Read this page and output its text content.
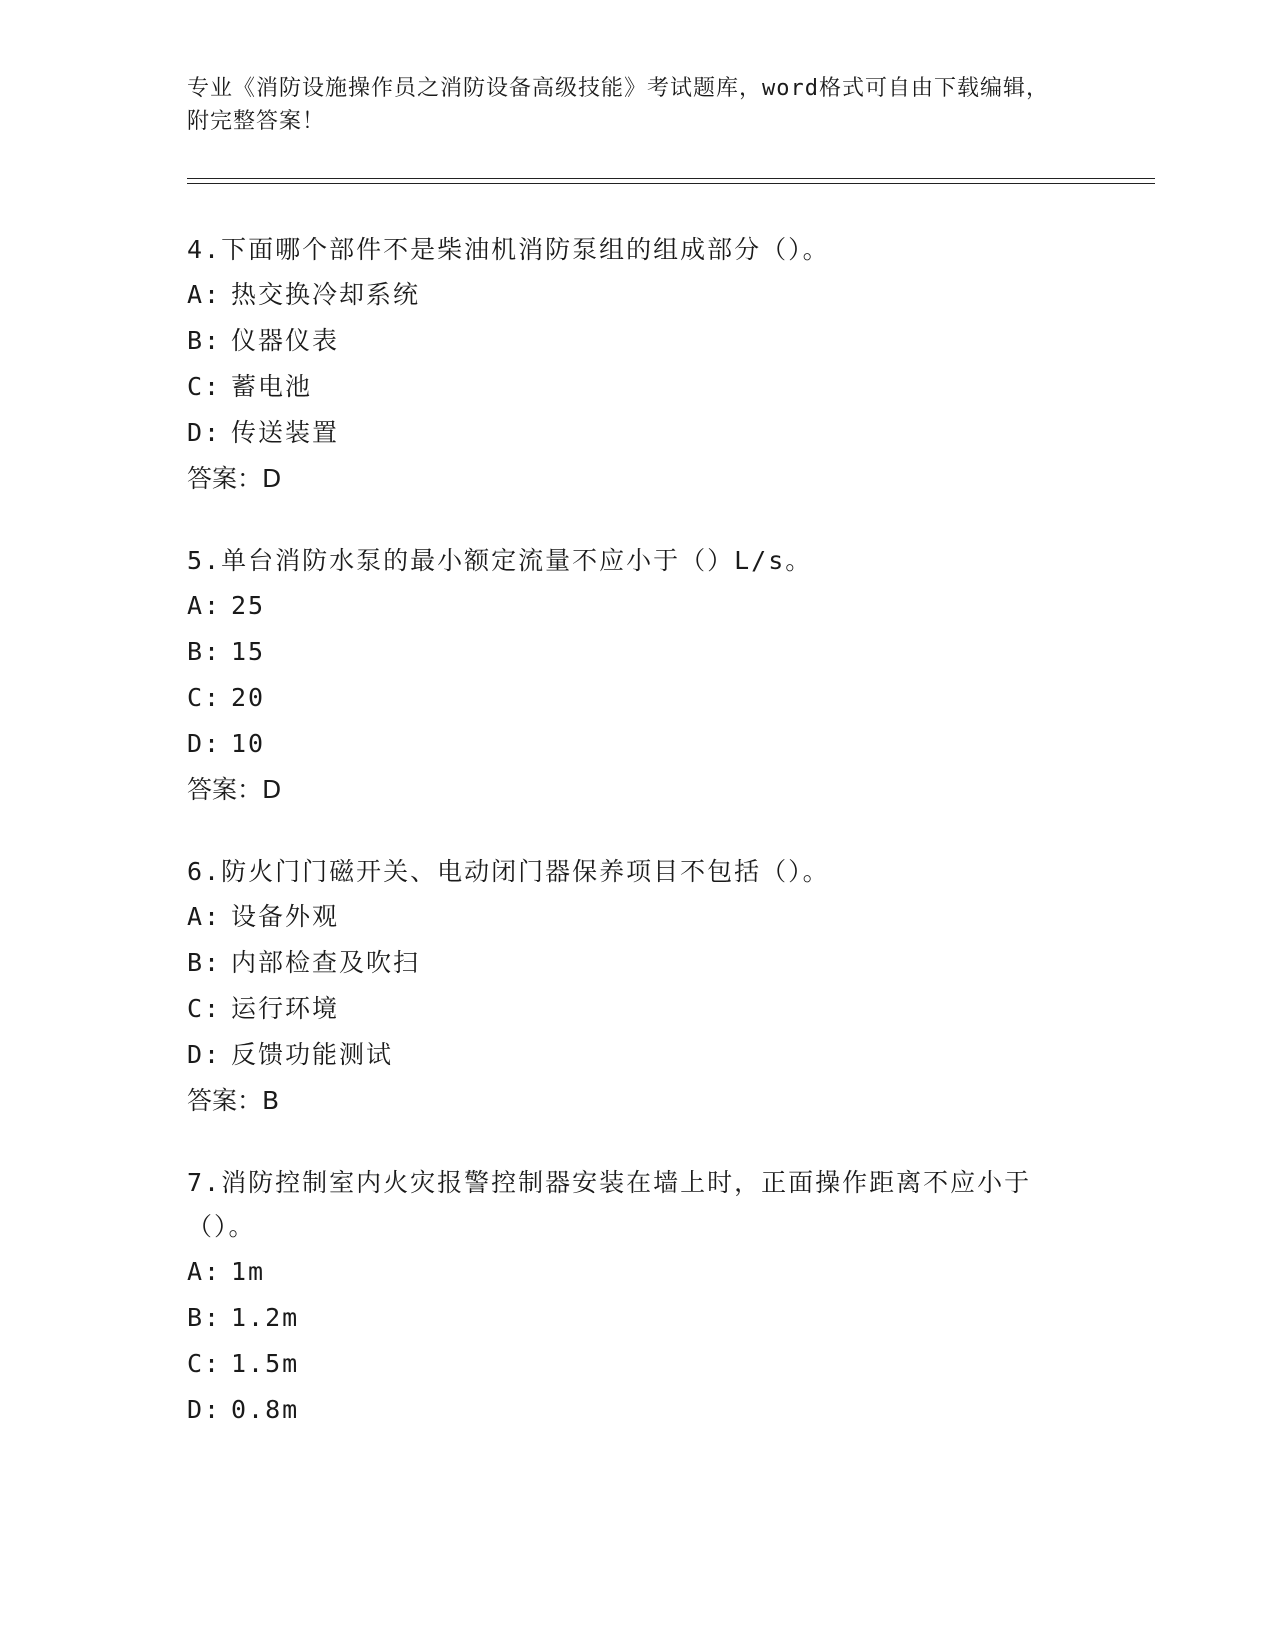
专业《消防设施操作员之消防设备高级技能》考试题库，word格式可自由下载编辑，附完整答案！

4.下面哪个部件不是柴油机消防泵组的组成部分（）。

A: 热交换冷却系统

B: 仪器仪表

C: 蓄电池

D: 传送装置

答案：D

5.单台消防水泵的最小额定流量不应小于（）L/s。

A: 25

B: 15

C: 20

D: 10

答案：D

6.防火门门磁开关、电动闭门器保养项目不包括（）。

A: 设备外观

B: 内部检查及吹扫

C: 运行环境

D: 反馈功能测试

答案：B

7.消防控制室内火灾报警控制器安装在墙上时，正面操作距离不应小于（）。

A: 1m

B: 1.2m

C: 1.5m

D: 0.8m
